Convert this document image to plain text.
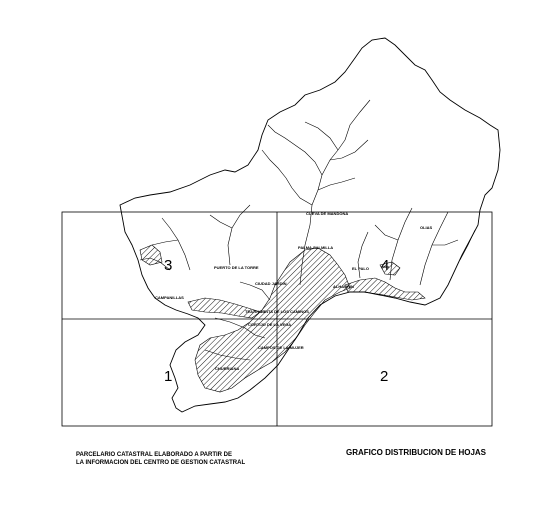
1	2
3	4
CUEVA DE MANDONA
PALMA-PALMILLA
PUERTO DE LA TORRE	EL PALO
CAMPANILLAS
CHURRIANA
TEATINOS
CIUDAD JARDIN
JUNTA DE LOS CAMINOS
CAMPOS DE LA MUJER
CORTIJO DE LA VEGA
ALHAURIN
OLIAS
PARCELARIO CATASTRAL ELABORADO A PARTIR DE
LA INFORMACION DEL CENTRO DE GESTION CATASTRAL
GRAFICO DISTRIBUCION DE HOJAS
